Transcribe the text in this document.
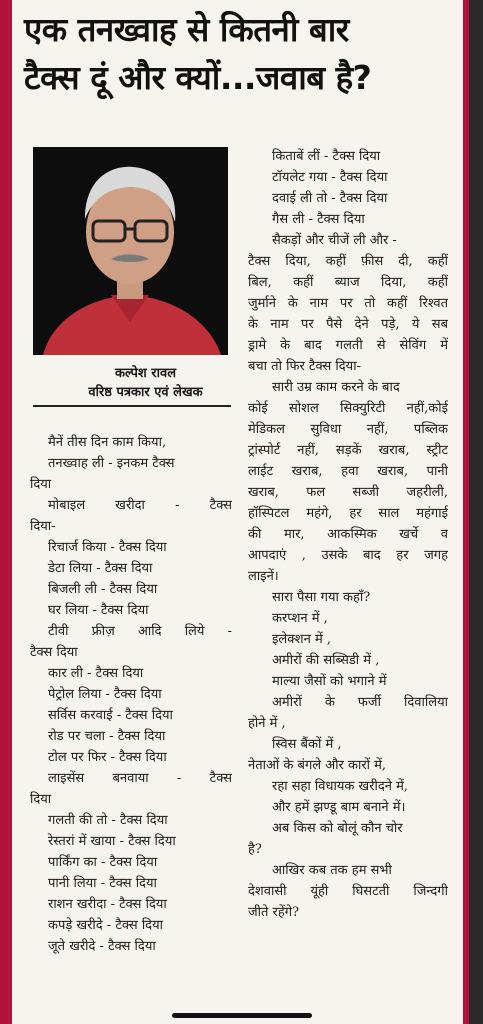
एक तनख्वाह से कितनी बार
टैक्स दूं और क्यों...जवाब है?
कल्पेश रावल
वरिष्ठ पत्रकार एवं लेखक
मैनें तीस दिन काम किया,
तनख्वाह ली - इनकम टैक्स
दिया
मोबाइल खरीदा - टैक्स
दिया-
रिचार्ज किया - टैक्स दिया
डेटा लिया - टैक्स दिया
बिजली ली - टैक्स दिया
घर लिया - टैक्स दिया
टीवी फ्रीज़ आदि लिये -
टैक्स दिया
कार ली - टैक्स दिया
पेट्रोल लिया - टैक्स दिया
सर्विस करवाई - टैक्स दिया
रोड पर चला - टैक्स दिया
टोल पर फिर - टैक्स दिया
लाइसेंस बनवाया - टैक्स
दिया
गलती की तो - टैक्स दिया
रेस्तरां में खाया - टैक्स दिया
पार्किंग का - टैक्स दिया
पानी लिया - टैक्स दिया
राशन खरीदा - टैक्स दिया
कपड़े खरीदे - टैक्स दिया
जूते खरीदे - टैक्स दिया
किताबें लीं - टैक्स दिया
टॉयलेट गया - टैक्स दिया
दवाई ली तो - टैक्स दिया
गैस ली - टैक्स दिया
सैकड़ों और चीजें ली और -
टैक्स दिया, कहीं फ़ीस दी, कहीं
बिल, कहीं ब्याज दिया, कहीं
जुर्माने के नाम पर तो कहीं रिश्वत
के नाम पर पैसे देने पड़े, ये सब
ड्रामे के बाद गलती से सेविंग में
बचा तो फिर टैक्स दिया-
सारी उम्र काम करने के बाद
कोई सोशल सिक्युरिटी नहीं,कोई
मेडिकल सुविधा नहीं, पब्लिक
ट्रांस्पोर्ट नहीं, सड़कें खराब, स्ट्रीट
लाईट खराब, हवा खराब, पानी
खराब, फल सब्जी जहरीली,
हॉस्पिटल महंगे, हर साल महंगाई
की मार, आकस्मिक खर्चे व
आपदाएं , उसके बाद हर जगह
लाइनें।
सारा पैसा गया कहाँ?
करप्शन में ,
इलेक्शन में ,
अमीरों की सब्सिडी में ,
माल्या जैसों को भगाने में
अमीरों के फर्जी दिवालिया
होने में ,
स्विस बैंकों में ,
नेताओं के बंगले और कारों में,
रहा सहा विधायक खरीदने में,
और हमें झण्डू बाम बनाने में।
अब किस को बोलूं कौन चोर
है?
आखिर कब तक हम सभी
देशवासी यूंही घिसटती जिन्दगी
जीते रहेंगे?
